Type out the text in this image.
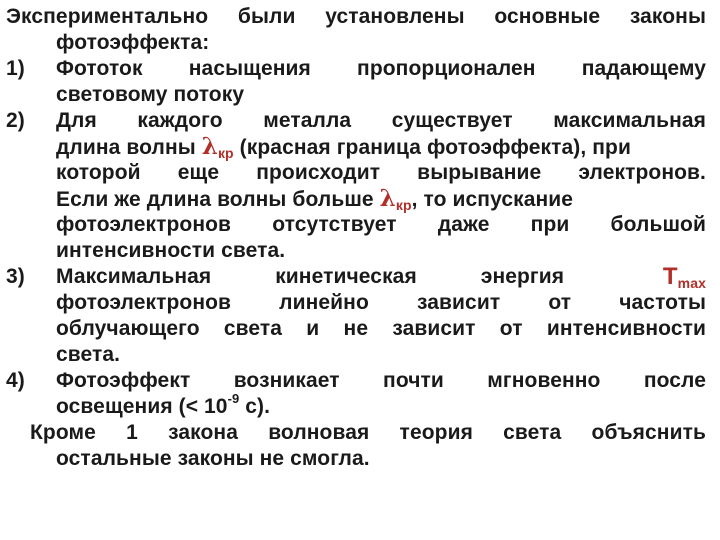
Экспериментально были установлены основные законы
фотоэффекта:
1) Фототок насыщения пропорционален падающему
световому потоку
2) Для каждого металла существует максимальная
длина волны λкр (красная граница фотоэффекта), при
которой еще происходит вырывание электронов.
Если же длина волны больше λкр, то испускание
фотоэлектронов отсутствует даже при большой
интенсивности света.
3) Максимальная кинетическая энергия	Tmax
фотоэлектронов линейно зависит от частоты
облучающего света и не зависит от интенсивности
света.
4) Фотоэффект возникает почти мгновенно после
освещения (< $10^{-9}$ с).
Кроме 1 закона волновая теория света объяснить
остальные законы не смогла.
